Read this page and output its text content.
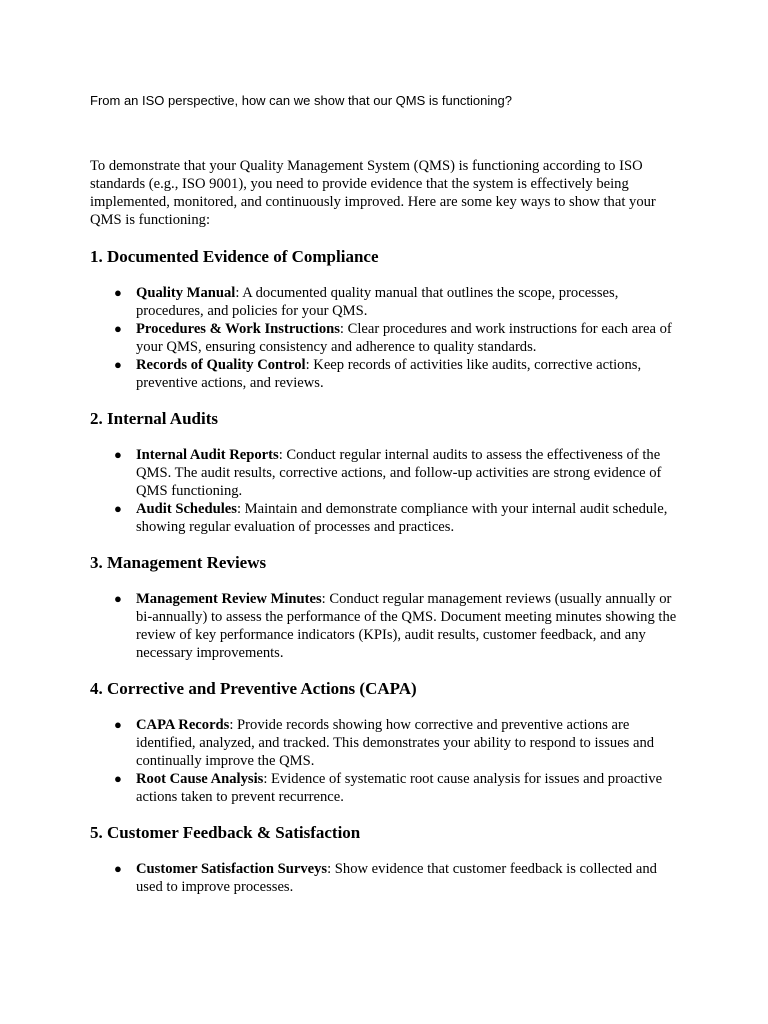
From an ISO perspective, how can we show that our QMS is functioning?

To demonstrate that your Quality Management System (QMS) is functioning according to ISO standards (e.g., ISO 9001), you need to provide evidence that the system is effectively being implemented, monitored, and continuously improved. Here are some key ways to show that your QMS is functioning:

1. Documented Evidence of Compliance
● Quality Manual: A documented quality manual that outlines the scope, processes, procedures, and policies for your QMS.
● Procedures & Work Instructions: Clear procedures and work instructions for each area of your QMS, ensuring consistency and adherence to quality standards.
● Records of Quality Control: Keep records of activities like audits, corrective actions, preventive actions, and reviews.
2. Internal Audits
● Internal Audit Reports: Conduct regular internal audits to assess the effectiveness of the QMS. The audit results, corrective actions, and follow-up activities are strong evidence of QMS functioning.
● Audit Schedules: Maintain and demonstrate compliance with your internal audit schedule, showing regular evaluation of processes and practices.
3. Management Reviews
● Management Review Minutes: Conduct regular management reviews (usually annually or bi-annually) to assess the performance of the QMS. Document meeting minutes showing the review of key performance indicators (KPIs), audit results, customer feedback, and any necessary improvements.
4. Corrective and Preventive Actions (CAPA)
● CAPA Records: Provide records showing how corrective and preventive actions are identified, analyzed, and tracked. This demonstrates your ability to respond to issues and continually improve the QMS.
● Root Cause Analysis: Evidence of systematic root cause analysis for issues and proactive actions taken to prevent recurrence.
5. Customer Feedback & Satisfaction
● Customer Satisfaction Surveys: Show evidence that customer feedback is collected and used to improve processes.
